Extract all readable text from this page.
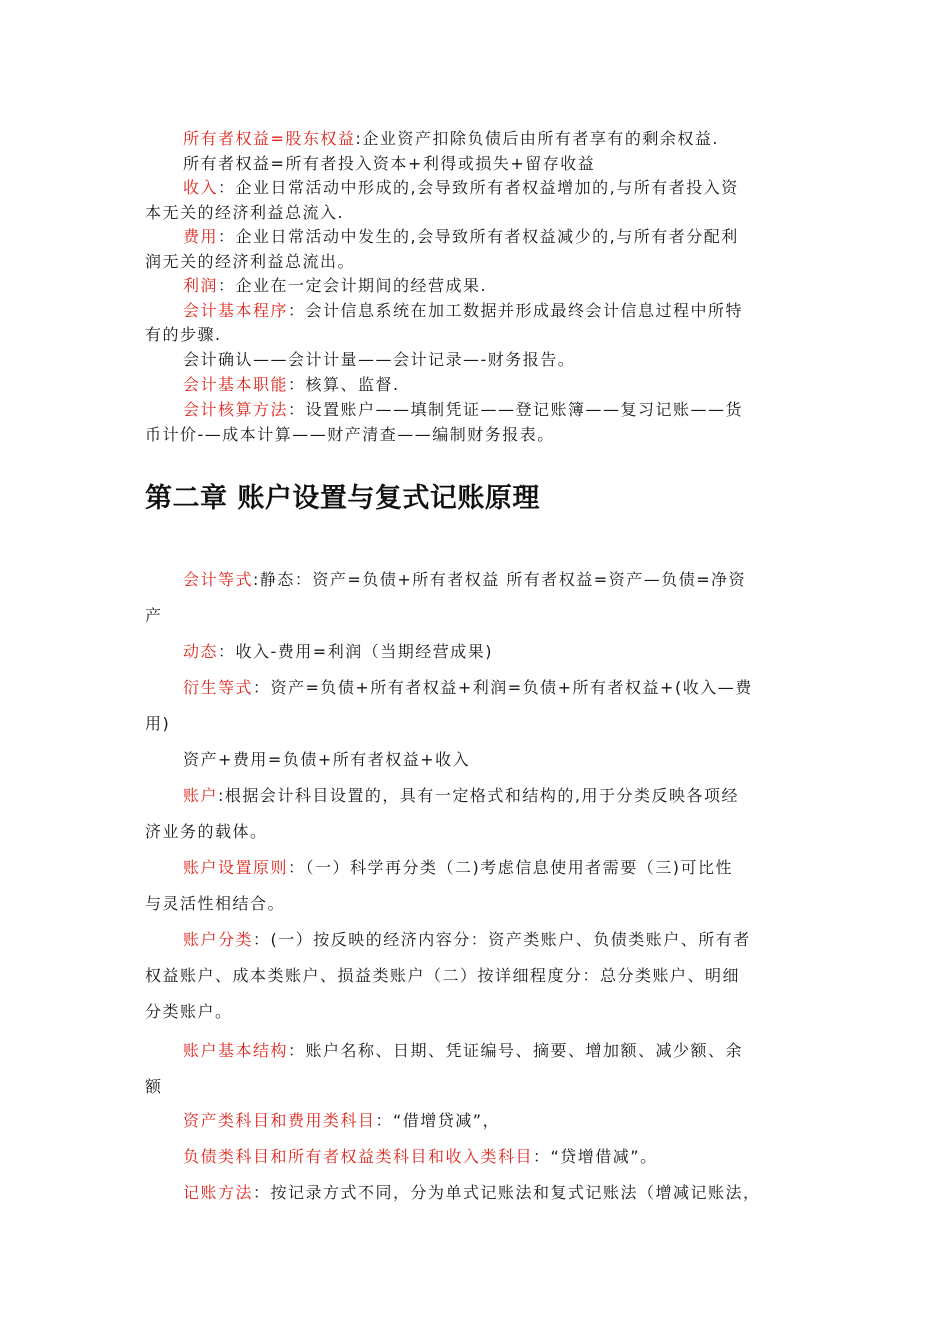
所有者权益=股东权益:企业资产扣除负债后由所有者享有的剩余权益.
所有者权益=所有者投入资本+利得或损失+留存收益
收入：企业日常活动中形成的,会导致所有者权益增加的,与所有者投入资
本无关的经济利益总流入.
费用：企业日常活动中发生的,会导致所有者权益减少的,与所有者分配利
润无关的经济利益总流出。
利润：企业在一定会计期间的经营成果.
会计基本程序：会计信息系统在加工数据并形成最终会计信息过程中所特
有的步骤.
会计确认——会计计量——会计记录—-财务报告。
会计基本职能：核算、监督.
会计核算方法：设置账户——填制凭证——登记账簿——复习记账——货
币计价-—成本计算——财产清查——编制财务报表。
第二章 账户设置与复式记账原理
会计等式:静态：资产=负债+所有者权益 所有者权益=资产—负债=净资
产
动态：收入-费用=利润（当期经营成果)
衍生等式：资产=负债+所有者权益+利润=负债+所有者权益+(收入—费
用)
资产+费用=负债+所有者权益+收入
账户:根据会计科目设置的，具有一定格式和结构的,用于分类反映各项经
济业务的载体。
账户设置原则：（一）科学再分类（二)考虑信息使用者需要（三)可比性
与灵活性相结合。
账户分类：(一）按反映的经济内容分：资产类账户、负债类账户、所有者
权益账户、成本类账户、损益类账户（二）按详细程度分：总分类账户、明细
分类账户。
账户基本结构：账户名称、日期、凭证编号、摘要、增加额、减少额、余
额
资产类科目和费用类科目：“借增贷减”，
负债类科目和所有者权益类科目和收入类科目：“贷增借减”。
记账方法：按记录方式不同，分为单式记账法和复式记账法（增减记账法，
